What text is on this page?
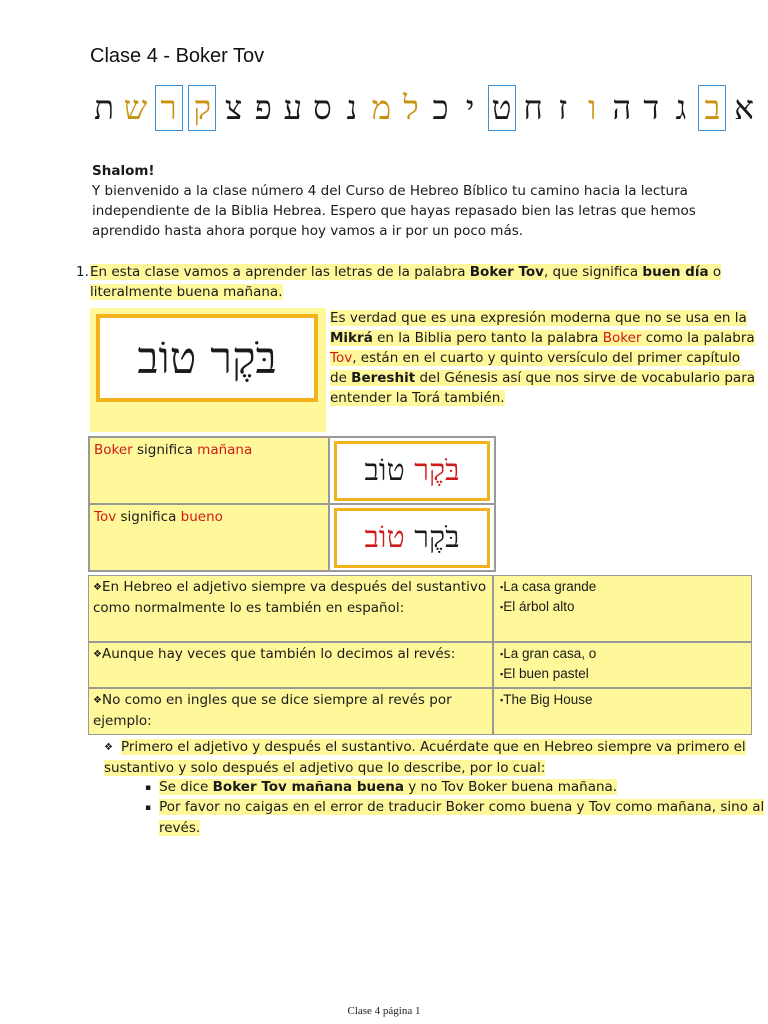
Clase 4 - Boker Tov
א
ב
ג
ד
ה
ו
ז
ח
ט
י
כ
ל
מ
נ
ס
ע
פ
צ
ק
ר
ש
ת
Shalom!
Y bienvenido a la clase número 4 del Curso de Hebreo Bíblico tu camino hacia la lectura independiente de la Biblia Hebrea. Espero que hayas repasado bien las letras que hemos aprendido hasta ahora porque hoy vamos a ir por un poco más.
1. En esta clase vamos a aprender las letras de la palabra Boker Tov, que significa buen día o literalmente buena mañana.
בֹּקֶר טוֹב
Es verdad que es una expresión moderna que no se usa en la Mikrá en la Biblia pero tanto la palabra Boker como la palabra Tov, están en el cuarto y quinto versículo del primer capítulo de Bereshit del Génesis así que nos sirve de vocabulario para entender la Torá también.
Boker significa mañana
בֹּקֶר

טוֹב
Tov significa bueno
בֹּקֶר

טוֹב
❖En Hebreo el adjetivo siempre va después del sustantivo como normalmente lo es también en español:
▪La casa grande
▪El árbol alto
❖Aunque hay veces que también lo decimos al revés:	▪La gran casa, o
▪El buen pastel
❖No como en ingles que se dice siempre al revés por ejemplo:
▪The Big House
❖ Primero el adjetivo y después el sustantivo. Acuérdate que en Hebreo siempre va primero el sustantivo y solo después el adjetivo que lo describe, por lo cual:
▪ Se dice Boker Tov mañana buena y no Tov Boker buena mañana.
▪ Por favor no caigas en el error de traducir Boker como buena y Tov como mañana, sino al revés.
Clase 4 página 1
